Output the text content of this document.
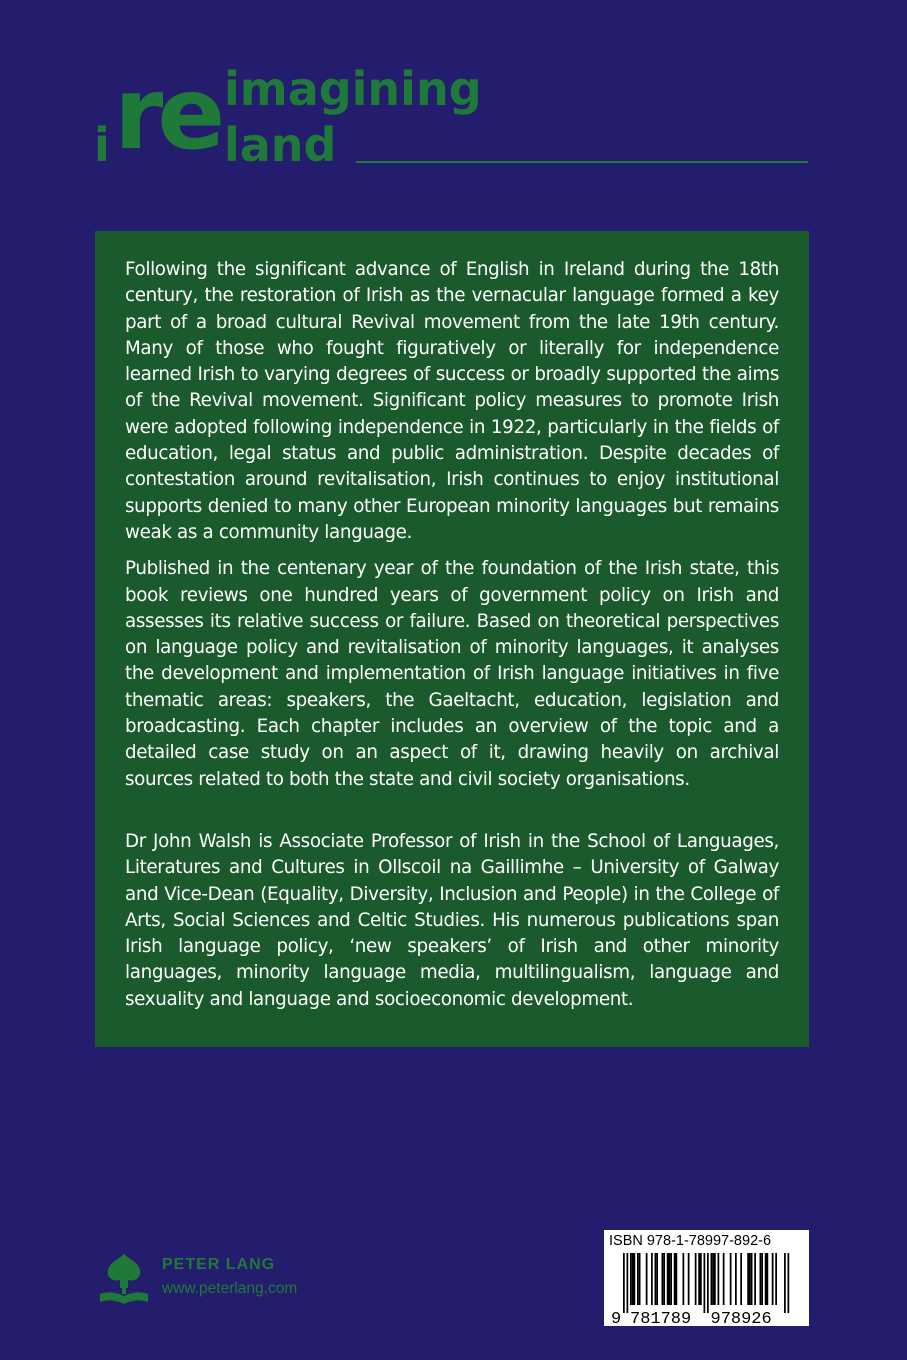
i re imagining
land

Following the significant advance of English in Ireland during the 18th century, the restoration of Irish as the vernacular language formed a key part of a broad cultural Revival movement from the late 19th century. Many of those who fought figuratively or literally for independence learned Irish to varying degrees of success or broadly supported the aims of the Revival movement. Significant policy measures to promote Irish were adopted following independence in 1922, particularly in the fields of education, legal status and public administration. Despite decades of contestation around revitalisation, Irish continues to enjoy institutional supports denied to many other European minority languages but remains weak as a community language.

Published in the centenary year of the foundation of the Irish state, this book reviews one hundred years of government policy on Irish and assesses its relative success or failure. Based on theoretical perspectives on language policy and revitalisation of minority languages, it analyses the development and implementation of Irish language initiatives in five thematic areas: speakers, the Gaeltacht, education, legislation and broadcasting. Each chapter includes an overview of the topic and a detailed case study on an aspect of it, drawing heavily on archival sources related to both the state and civil society organisations.

Dr John Walsh is Associate Professor of Irish in the School of Languages, Literatures and Cultures in Ollscoil na Gaillimhe – University of Galway and Vice-Dean (Equality, Diversity, Inclusion and People) in the College of Arts, Social Sciences and Celtic Studies. His numerous publications span Irish language policy, ‘new speakers’ of Irish and other minority languages, minority language media, multilingualism, language and sexuality and language and socioeconomic development.

PETER LANG
www.peterlang.com
ISBN 978-1-78997-892-6
9 781789 978926
